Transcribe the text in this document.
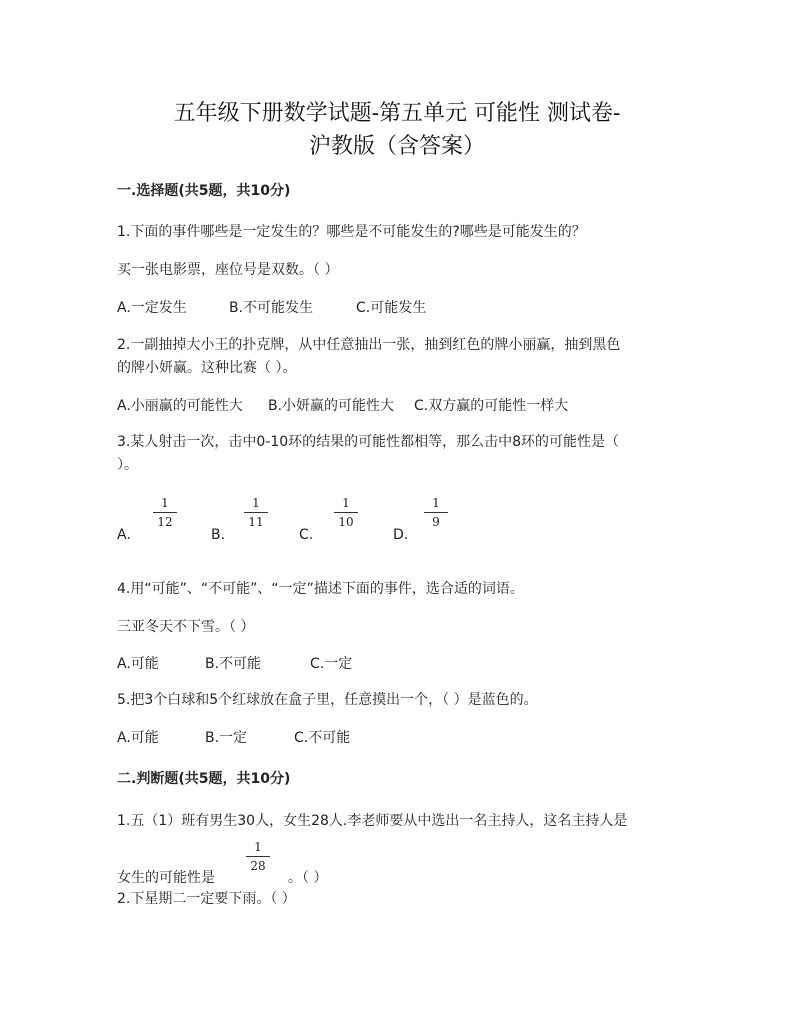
五年级下册数学试题-第五单元 可能性 测试卷-
沪教版（含答案）
一.选择题(共5题，共10分)
1.下面的事件哪些是一定发生的？哪些是不可能发生的?哪些是可能发生的？
买一张电影票，座位号是双数。（ ）
A.一定发生	B.不可能发生	C.可能发生
2.一副抽掉大小王的扑克牌，从中任意抽出一张，抽到红色的牌小丽赢，抽到黑色
的牌小妍赢。这种比赛（ ）。
A.小丽赢的可能性大 B.小妍赢的可能性大 C.双方赢的可能性一样大
3.某人射击一次，击中0-10环的结果的可能性都相等，那么击中8环的可能性是（
）。
A.
1
12
B.
1
11
C.
1
10
D.
1
9
4.用“可能”、“不可能”、“一定”描述下面的事件，选合适的词语。
三亚冬天不下雪。（ ）
A.可能	B.不可能	C.一定
5.把3个白球和5个红球放在盒子里，任意摸出一个，（ ）是蓝色的。
A.可能	B.一定	C.不可能
二.判断题(共5题，共10分)
1.五（1）班有男生30人，女生28人.李老师要从中选出一名主持人，这名主持人是
女生的可能性是
1
28
。（ ）
2.下星期二一定要下雨。（ ）
